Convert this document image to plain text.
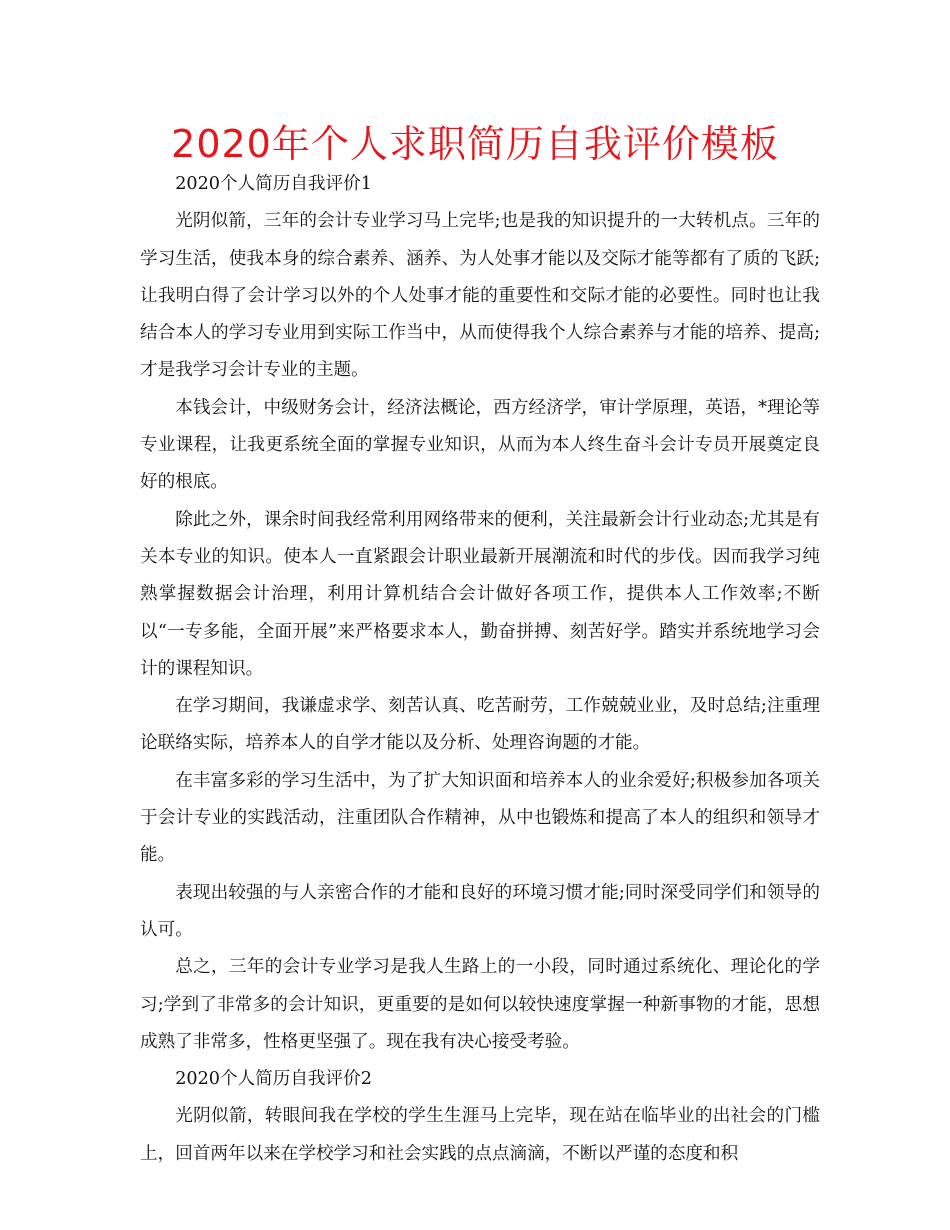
2020年个人求职简历自我评价模板

2020个人简历自我评价1

光阴似箭，三年的会计专业学习马上完毕;也是我的知识提升的一大转机点。三年的学习生活，使我本身的综合素养、涵养、为人处事才能以及交际才能等都有了质的飞跃;　　让我明白得了会计学习以外的个人处事才能的重要性和交际才能的必要性。同时也让我结合本人的学习专业用到实际工作当中，从而使得我个人综合素养与才能的培养、提高;才是我学习会计专业的主题。

本钱会计，中级财务会计，经济法概论，西方经济学，审计学原理，英语，*理论等专业课程，让我更系统全面的掌握专业知识，从而为本人终生奋斗会计专员开展奠定良好的根底。

除此之外，课余时间我经常利用网络带来的便利，关注最新会计行业动态;尤其是有关本专业的知识。使本人一直紧跟会计职业最新开展潮流和时代的步伐。因而我学习纯熟掌握数据会计治理，利用计算机结合会计做好各项工作，提供本人工作效率;不断以“一专多能，全面开展”来严格要求本人，勤奋拼搏、刻苦好学。踏实并系统地学习会计的课程知识。

在学习期间，我谦虚求学、刻苦认真、吃苦耐劳，工作兢兢业业，及时总结;注重理论联络实际，培养本人的自学才能以及分析、处理咨询题的才能。

在丰富多彩的学习生活中，为了扩大知识面和培养本人的业余爱好;积极参加各项关于会计专业的实践活动，注重团队合作精神，从中也锻炼和提高了本人的组织和领导才能。

表现出较强的与人亲密合作的才能和良好的环境习惯才能;同时深受同学们和领导的认可。

总之，三年的会计专业学习是我人生路上的一小段，同时通过系统化、理论化的学习;学到了非常多的会计知识，更重要的是如何以较快速度掌握一种新事物的才能，思想成熟了非常多，性格更坚强了。现在我有决心接受考验。

2020个人简历自我评价2

光阴似箭，转眼间我在学校的学生生涯马上完毕，现在站在临毕业的出社会的门槛上，回首两年以来在学校学习和社会实践的点点滴滴，不断以严谨的态度和积
